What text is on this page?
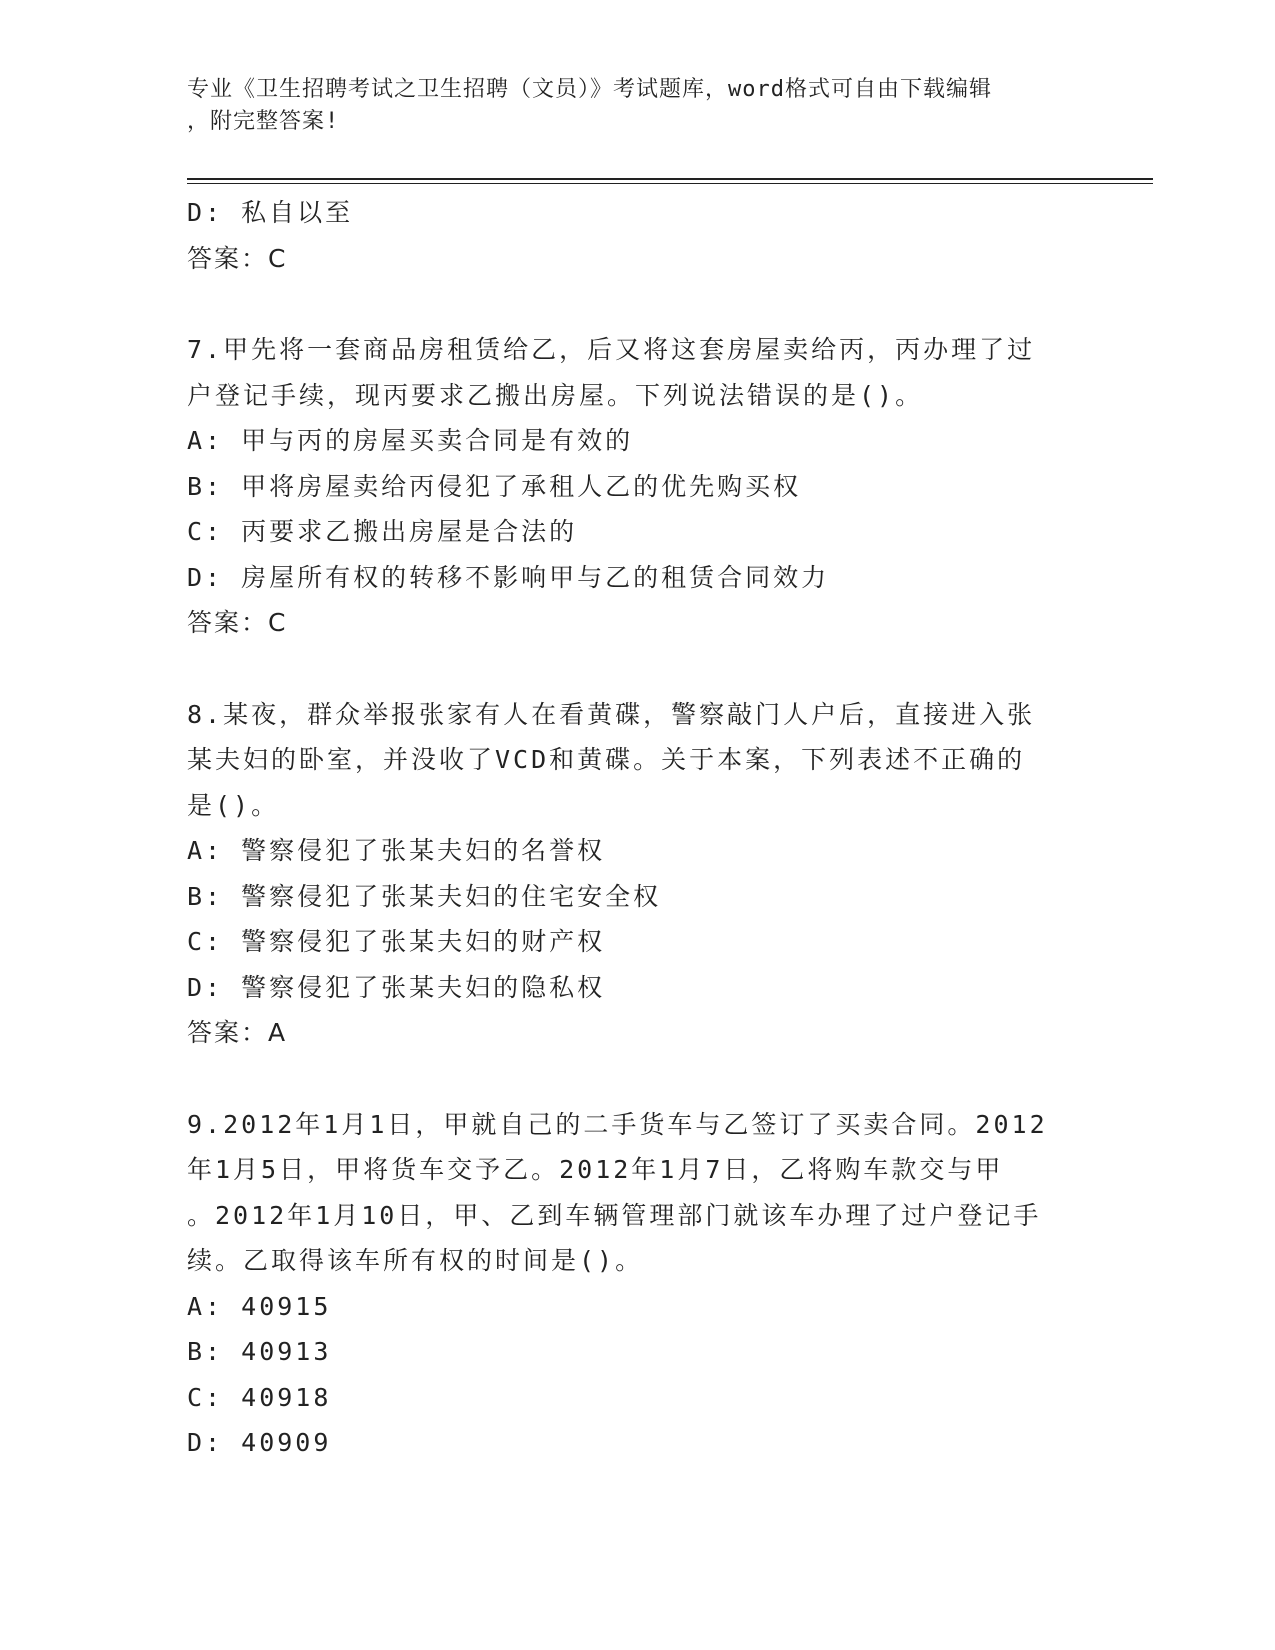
专业《卫生招聘考试之卫生招聘（文员）》考试题库，word格式可自由下载编辑
，附完整答案!
D: 私自以至
答案：C
7.甲先将一套商品房租赁给乙，后又将这套房屋卖给丙，丙办理了过
户登记手续，现丙要求乙搬出房屋。下列说法错误的是()。
A: 甲与丙的房屋买卖合同是有效的
B: 甲将房屋卖给丙侵犯了承租人乙的优先购买权
C: 丙要求乙搬出房屋是合法的
D: 房屋所有权的转移不影响甲与乙的租赁合同效力
答案：C
8.某夜，群众举报张家有人在看黄碟，警察敲门人户后，直接进入张
某夫妇的卧室，并没收了VCD和黄碟。关于本案，下列表述不正确的
是()。
A: 警察侵犯了张某夫妇的名誉权
B: 警察侵犯了张某夫妇的住宅安全权
C: 警察侵犯了张某夫妇的财产权
D: 警察侵犯了张某夫妇的隐私权
答案：A
9.2012年1月1日，甲就自己的二手货车与乙签订了买卖合同。2012
年1月5日，甲将货车交予乙。2012年1月7日，乙将购车款交与甲
。2012年1月10日，甲、乙到车辆管理部门就该车办理了过户登记手
续。乙取得该车所有权的时间是()。
A: 40915
B: 40913
C: 40918
D: 40909
